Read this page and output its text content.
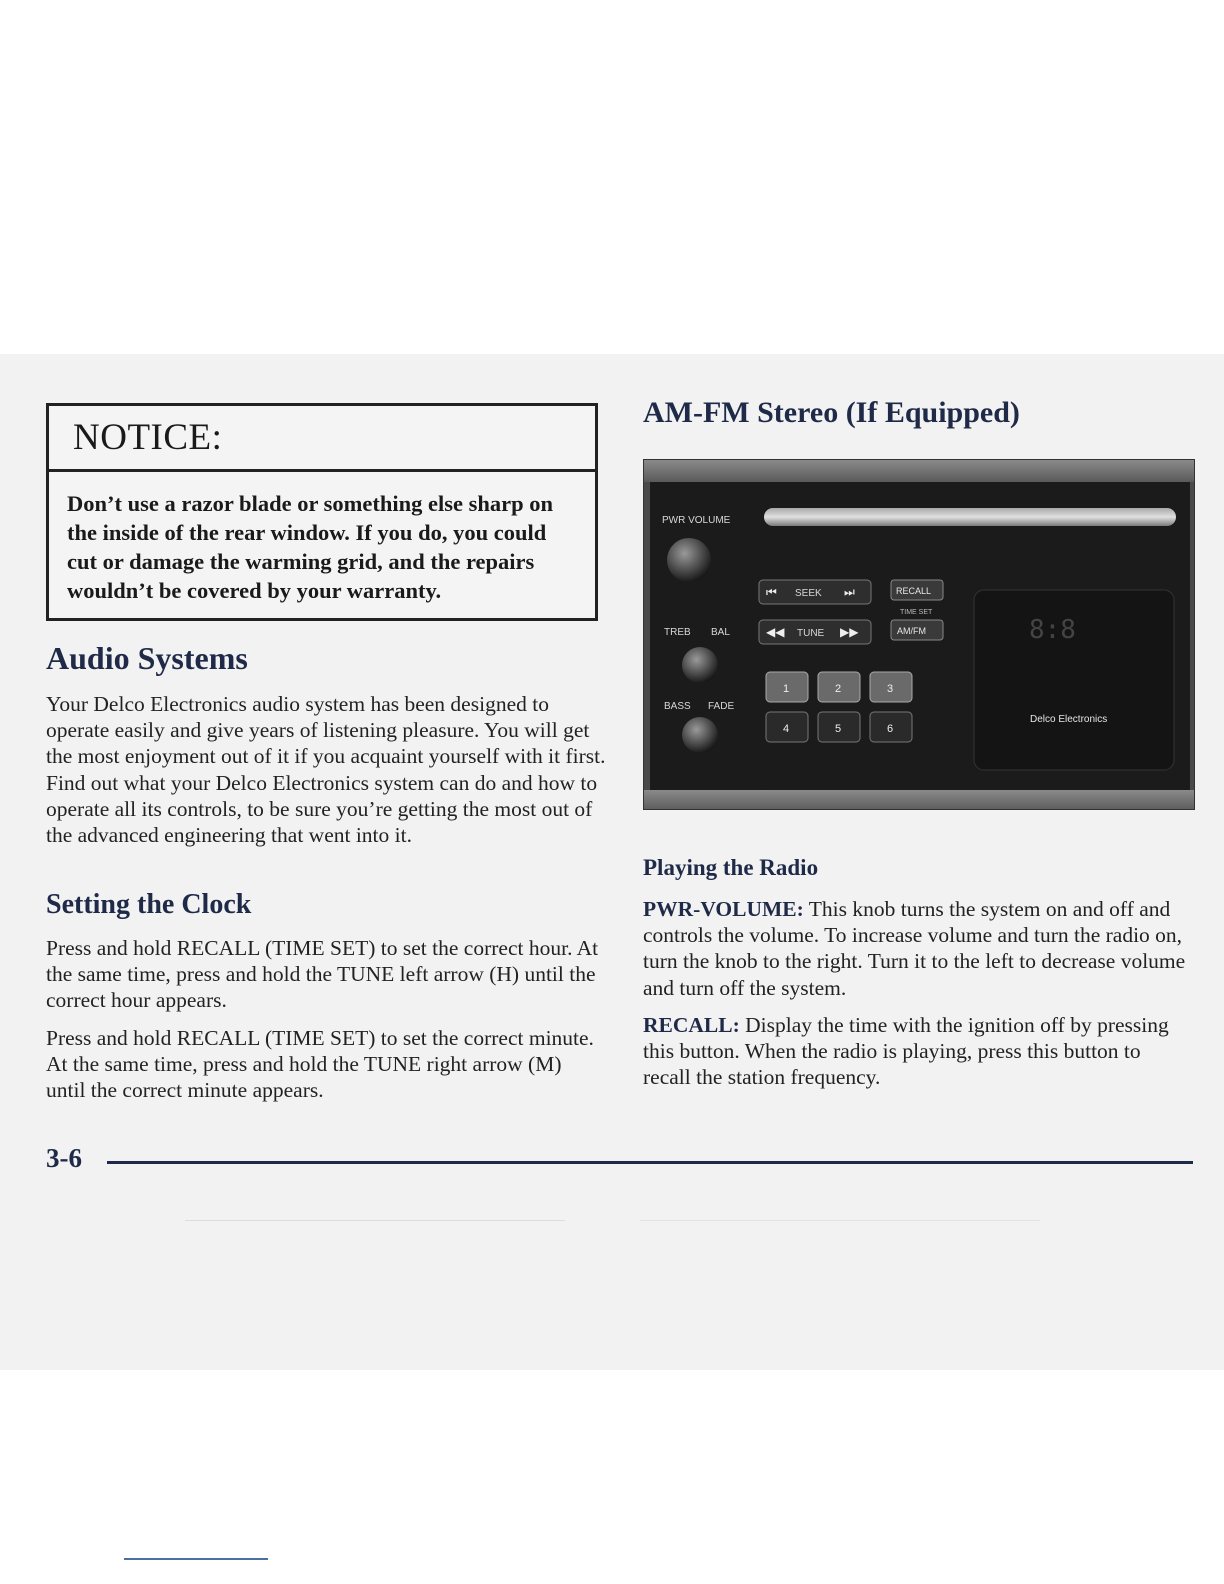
NOTICE:
Don’t use a razor blade or something else sharp on the inside of the rear window. If you do, you could cut or damage the warming grid, and the repairs wouldn’t be covered by your warranty.
Audio Systems

Your Delco Electronics audio system has been designed to operate easily and give years of listening pleasure. You will get the most enjoyment out of it if you acquaint yourself with it first. Find out what your Delco Electronics system can do and how to operate all its controls, to be sure you’re getting the most out of the advanced engineering that went into it.

Setting the Clock

Press and hold RECALL (TIME SET) to set the correct hour. At the same time, press and hold the TUNE left arrow (H) until the correct hour appears.

Press and hold RECALL (TIME SET) to set the correct minute. At the same time, press and hold the TUNE right arrow (M) until the correct minute appears.

AM-FM Stereo (If Equipped)
PWR VOLUME
TREB BAL
BASS FADE
⏮ SEEK ⏭
◀◀ TUNE ▶▶
RECALL
TIME SET
AM/FM
1	2	3
4	5	6
8:8
Delco Electronics
Playing the Radio

PWR-VOLUME: This knob turns the system on and off and controls the volume. To increase volume and turn the radio on, turn the knob to the right. Turn it to the left to decrease volume and turn off the system.

RECALL: Display the time with the ignition off by pressing this button. When the radio is playing, press this button to recall the station frequency.

3-6
